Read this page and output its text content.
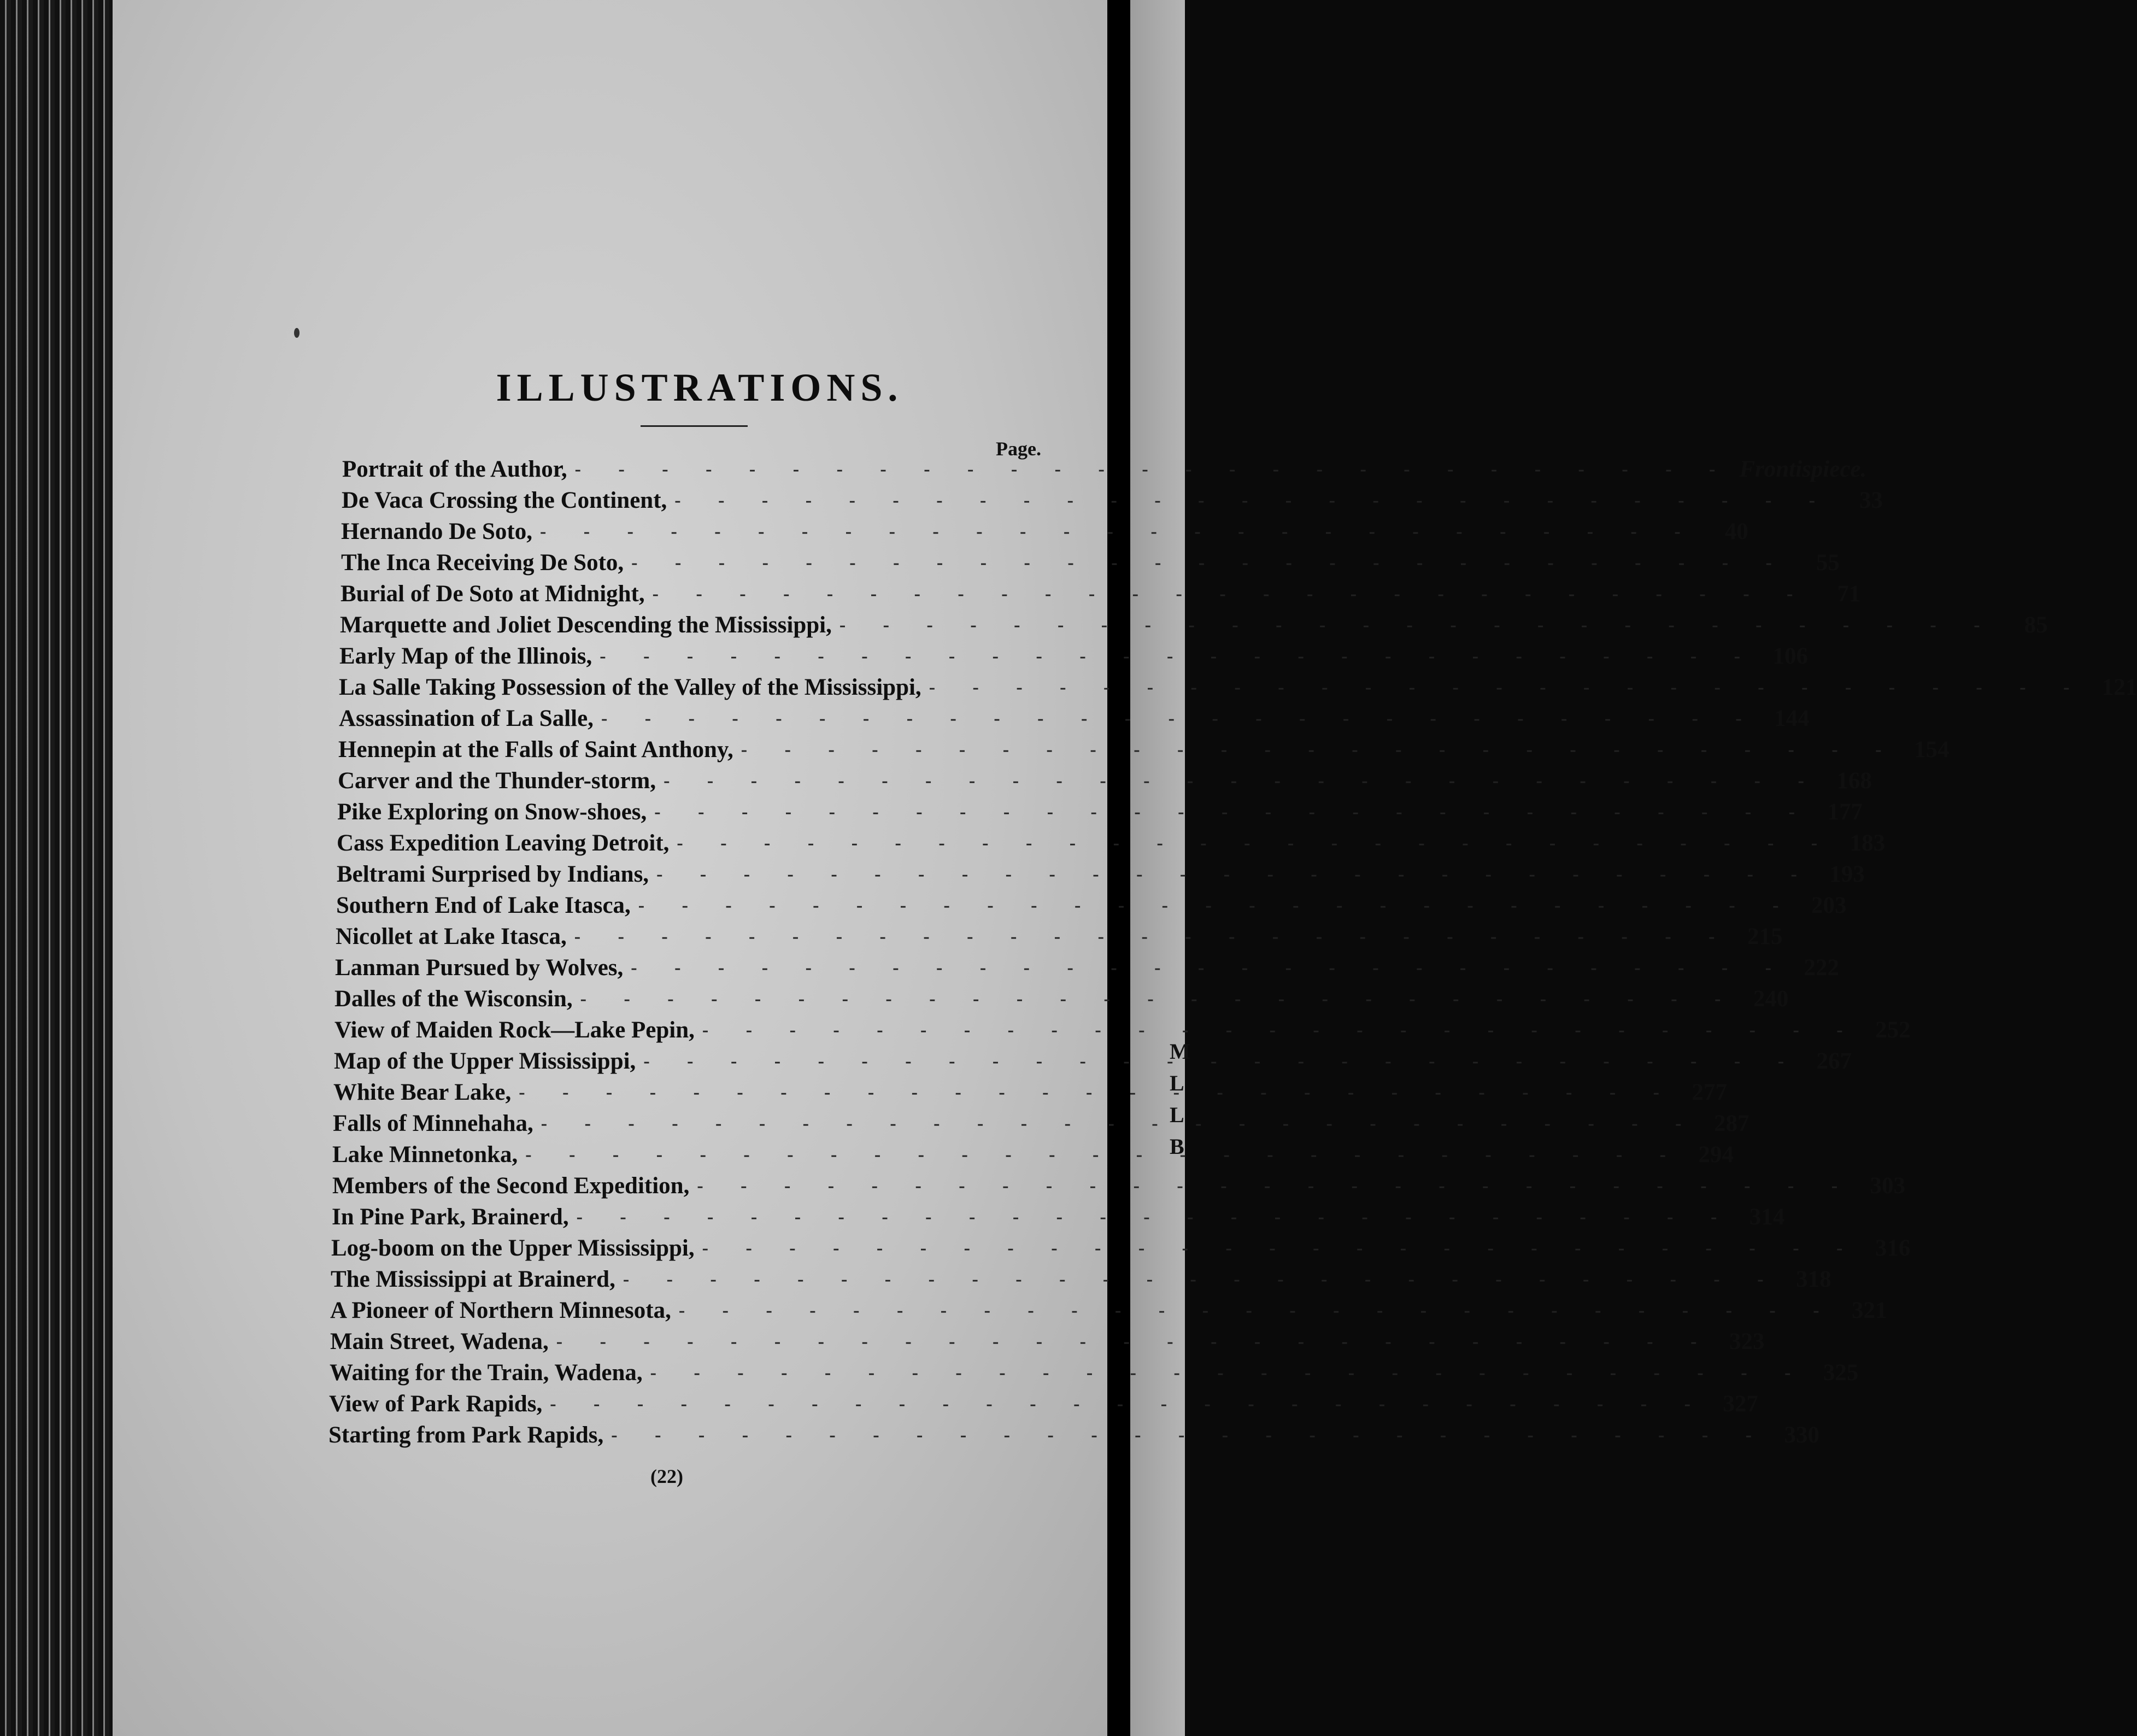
M
L
L
B
ILLUSTRATIONS.
Page.
Portrait of the Author, - - -	Frontispiece.
De Vaca Crossing the Continent, - - -	33
Hernando De Soto, - - -	40
The Inca Receiving De Soto, - - -	55
Burial of De Soto at Midnight, - - -	71
Marquette and Joliet Descending the Mississippi, - - -	85
Early Map of the Illinois, - - -	106
La Salle Taking Possession of the Valley of the Mississippi, - - -	121
Assassination of La Salle, - - -	144
Hennepin at the Falls of Saint Anthony, - - -	154
Carver and the Thunder-storm, - - -	168
Pike Exploring on Snow-shoes, - - -	177
Cass Expedition Leaving Detroit, - - -	183
Beltrami Surprised by Indians, - - -	193
Southern End of Lake Itasca, - - -	203
Nicollet at Lake Itasca, - - -	215
Lanman Pursued by Wolves, - - -	222
Dalles of the Wisconsin, - - -	240
View of Maiden Rock—Lake Pepin, - - -	252
Map of the Upper Mississippi, - - -	267
White Bear Lake, - - -	277
Falls of Minnehaha, - - -	287
Lake Minnetonka, - - -	294
Members of the Second Expedition, - - -	303
In Pine Park, Brainerd, - - -	314
Log-boom on the Upper Mississippi, - - -	316
The Mississippi at Brainerd, - - -	318
A Pioneer of Northern Minnesota, - - -	321
Main Street, Wadena, - - -	323
Waiting for the Train, Wadena, - - -	325
View of Park Rapids, - - -	327
Starting from Park Rapids, - - -	330
(22)
